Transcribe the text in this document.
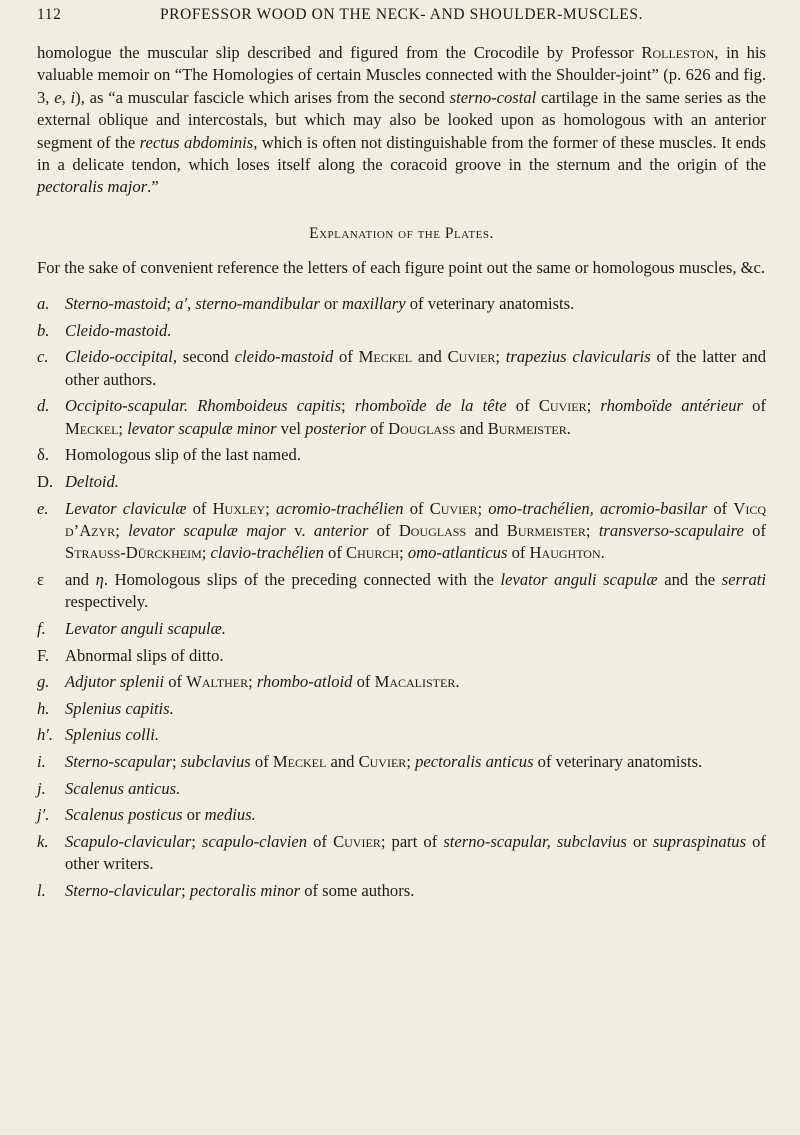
112	PROFESSOR WOOD ON THE NECK- AND SHOULDER-MUSCLES.

homologue the muscular slip described and figured from the Crocodile by Professor Rolleston, in his valuable memoir on “The Homologies of certain Muscles connected with the Shoulder-joint” (p. 626 and fig. 3, e, i), as “a muscular fascicle which arises from the second sterno-costal cartilage in the same series as the external oblique and intercostals, but which may also be looked upon as homologous with an anterior segment of the rectus abdominis, which is often not distinguishable from the former of these muscles. It ends in a delicate tendon, which loses itself along the coracoid groove in the sternum and the origin of the pectoralis major.”

Explanation of the Plates.

For the sake of convenient reference the letters of each figure point out the same or homologous muscles, &c.

a. Sterno-mastoid; a′, sterno-mandibular or maxillary of veterinary anatomists.

b. Cleido-mastoid.

c. Cleido-occipital, second cleido-mastoid of Meckel and Cuvier; trapezius clavicularis of the latter and other authors.

d. Occipito-scapular. Rhomboideus capitis; rhomboïde de la tête of Cuvier; rhomboïde antérieur of Meckel; levator scapulæ minor vel posterior of Douglass and Burmeister.

δ. Homologous slip of the last named.

D. Deltoid.

e. Levator claviculæ of Huxley; acromio-trachélien of Cuvier; omo-trachélien, acromio-basilar of Vicq d’Azyr; levator scapulæ major v. anterior of Douglass and Burmeister; transverso-scapulaire of Strauss-Dürckheim; clavio-trachélien of Church; omo-atlanticus of Haughton.

ε and η. Homologous slips of the preceding connected with the levator anguli scapulæ and the serrati respectively.

f. Levator anguli scapulæ.

F. Abnormal slips of ditto.

g. Adjutor splenii of Walther; rhombo-atloid of Macalister.

h. Splenius capitis.

h′. Splenius colli.

i. Sterno-scapular; subclavius of Meckel and Cuvier; pectoralis anticus of veterinary anatomists.

j. Scalenus anticus.

j′. Scalenus posticus or medius.

k. Scapulo-clavicular; scapulo-clavien of Cuvier; part of sterno-scapular, subclavius or supraspinatus of other writers.

l. Sterno-clavicular; pectoralis minor of some authors.
